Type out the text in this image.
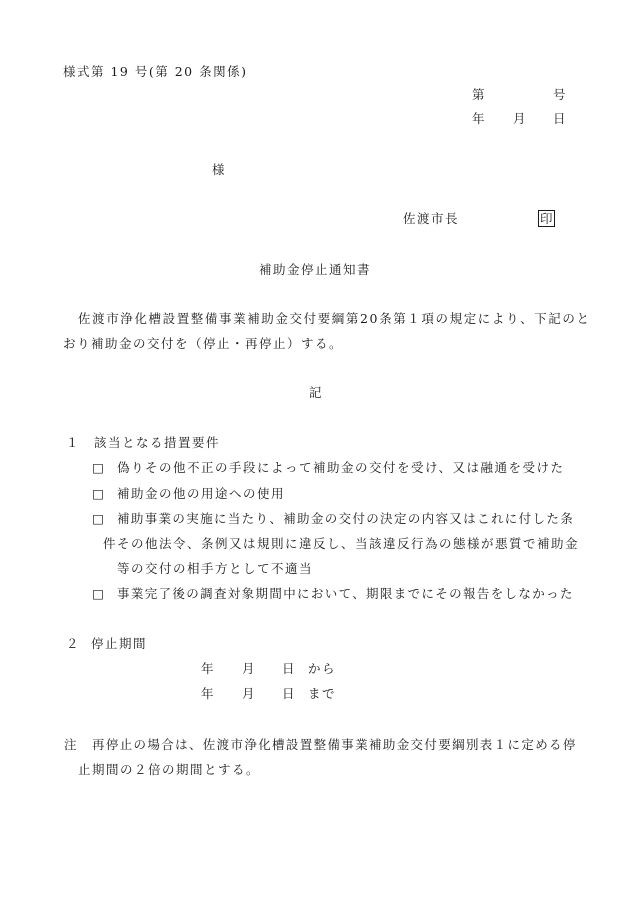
様式第 19 号(第 20 条関係)
第	号
年 月 日
様
佐渡市長	印
補助金停止通知書
佐渡市浄化槽設置整備事業補助金交付要綱第20条第１項の規定により、下記のと
おり補助金の交付を（停止・再停止）する。
記
１ 該当となる措置要件
□ 偽りその他不正の手段によって補助金の交付を受け、又は融通を受けた
□ 補助金の他の用途への使用
□ 補助事業の実施に当たり、補助金の交付の決定の内容又はこれに付した条
件その他法令、条例又は規則に違反し、当該違反行為の態様が悪質で補助金
等の交付の相手方として不適当
□ 事業完了後の調査対象期間中において、期限までにその報告をしなかった
２ 停止期間
年 月 日 から
年 月 日 まで
注 再停止の場合は、佐渡市浄化槽設置整備事業補助金交付要綱別表１に定める停
止期間の２倍の期間とする。
